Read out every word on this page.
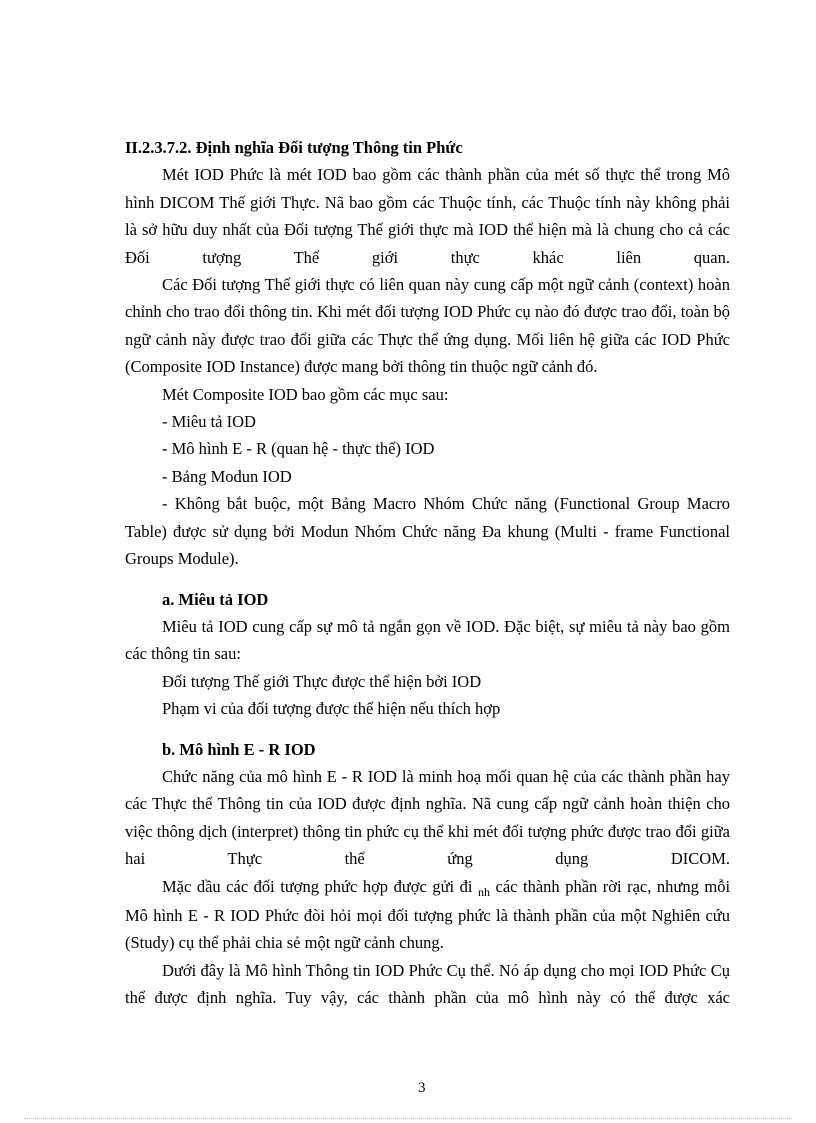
II.2.3.7.2. Định nghĩa Đối tượng Thông tin Phức

Mét IOD Phức là mét IOD bao gồm các thành phần của mét số thực thể trong Mô hình DICOM Thế giới Thực. Nã bao gồm các Thuộc tính, các Thuộc tính này không phải là sở hữu duy nhất của Đối tượng Thế giới thực mà IOD thể hiện mà là chung cho cả các Đối tượng Thế giới thực khác liên quan.

Các Đối tượng Thế giới thực có liên quan này cung cấp một ngữ cảnh (context) hoàn chỉnh cho trao đổi thông tin. Khi mét đối tượng IOD Phức cụ nào đó được trao đổi, toàn bộ ngữ cảnh này được trao đổi giữa các Thực thể ứng dụng. Mối liên hệ giữa các IOD Phức (Composite IOD Instance) được mang bởi thông tin thuộc ngữ cảnh đó.

Mét Composite IOD bao gồm các mục sau:

- Miêu tả IOD

- Mô hình E - R (quan hệ - thực thể) IOD

- Bảng Modun IOD

- Không bắt buộc, một Bảng Macro Nhóm Chức năng (Functional Group Macro Table) được sử dụng bởi Modun Nhóm Chức năng Đa khung (Multi - frame Functional Groups Module).

a. Miêu tả IOD

Miêu tả IOD cung cấp sự mô tả ngắn gọn về IOD. Đặc biệt, sự miêu tả này bao gồm các thông tin sau:

Đối tượng Thế giới Thực được thể hiện bởi IOD

Phạm vi của đối tượng được thể hiện nếu thích hợp

b. Mô hình E - R IOD

Chức năng của mô hình E - R IOD là minh hoạ mối quan hệ của các thành phần hay các Thực thể Thông tin của IOD được định nghĩa. Nã cung cấp ngữ cảnh hoàn thiện cho việc thông dịch (interpret) thông tin phức cụ thể khi mét đối tượng phức được trao đổi giữa hai Thực thể ứng dụng DICOM.

Mặc dầu các đối tượng phức hợp được gửi đi $_{nh}$ các thành phần rời rạc, nhưng mỗi Mô hình E - R IOD Phức đòi hỏi mọi đối tượng phức là thành phần của một Nghiên cứu (Study) cụ thể phải chia sẻ một ngữ cảnh chung.

Dưới đây là Mô hình Thông tin IOD Phức Cụ thể. Nó áp dụng cho mọi IOD Phức Cụ thể được định nghĩa. Tuy vậy, các thành phần của mô hình này có thể được xác

3
